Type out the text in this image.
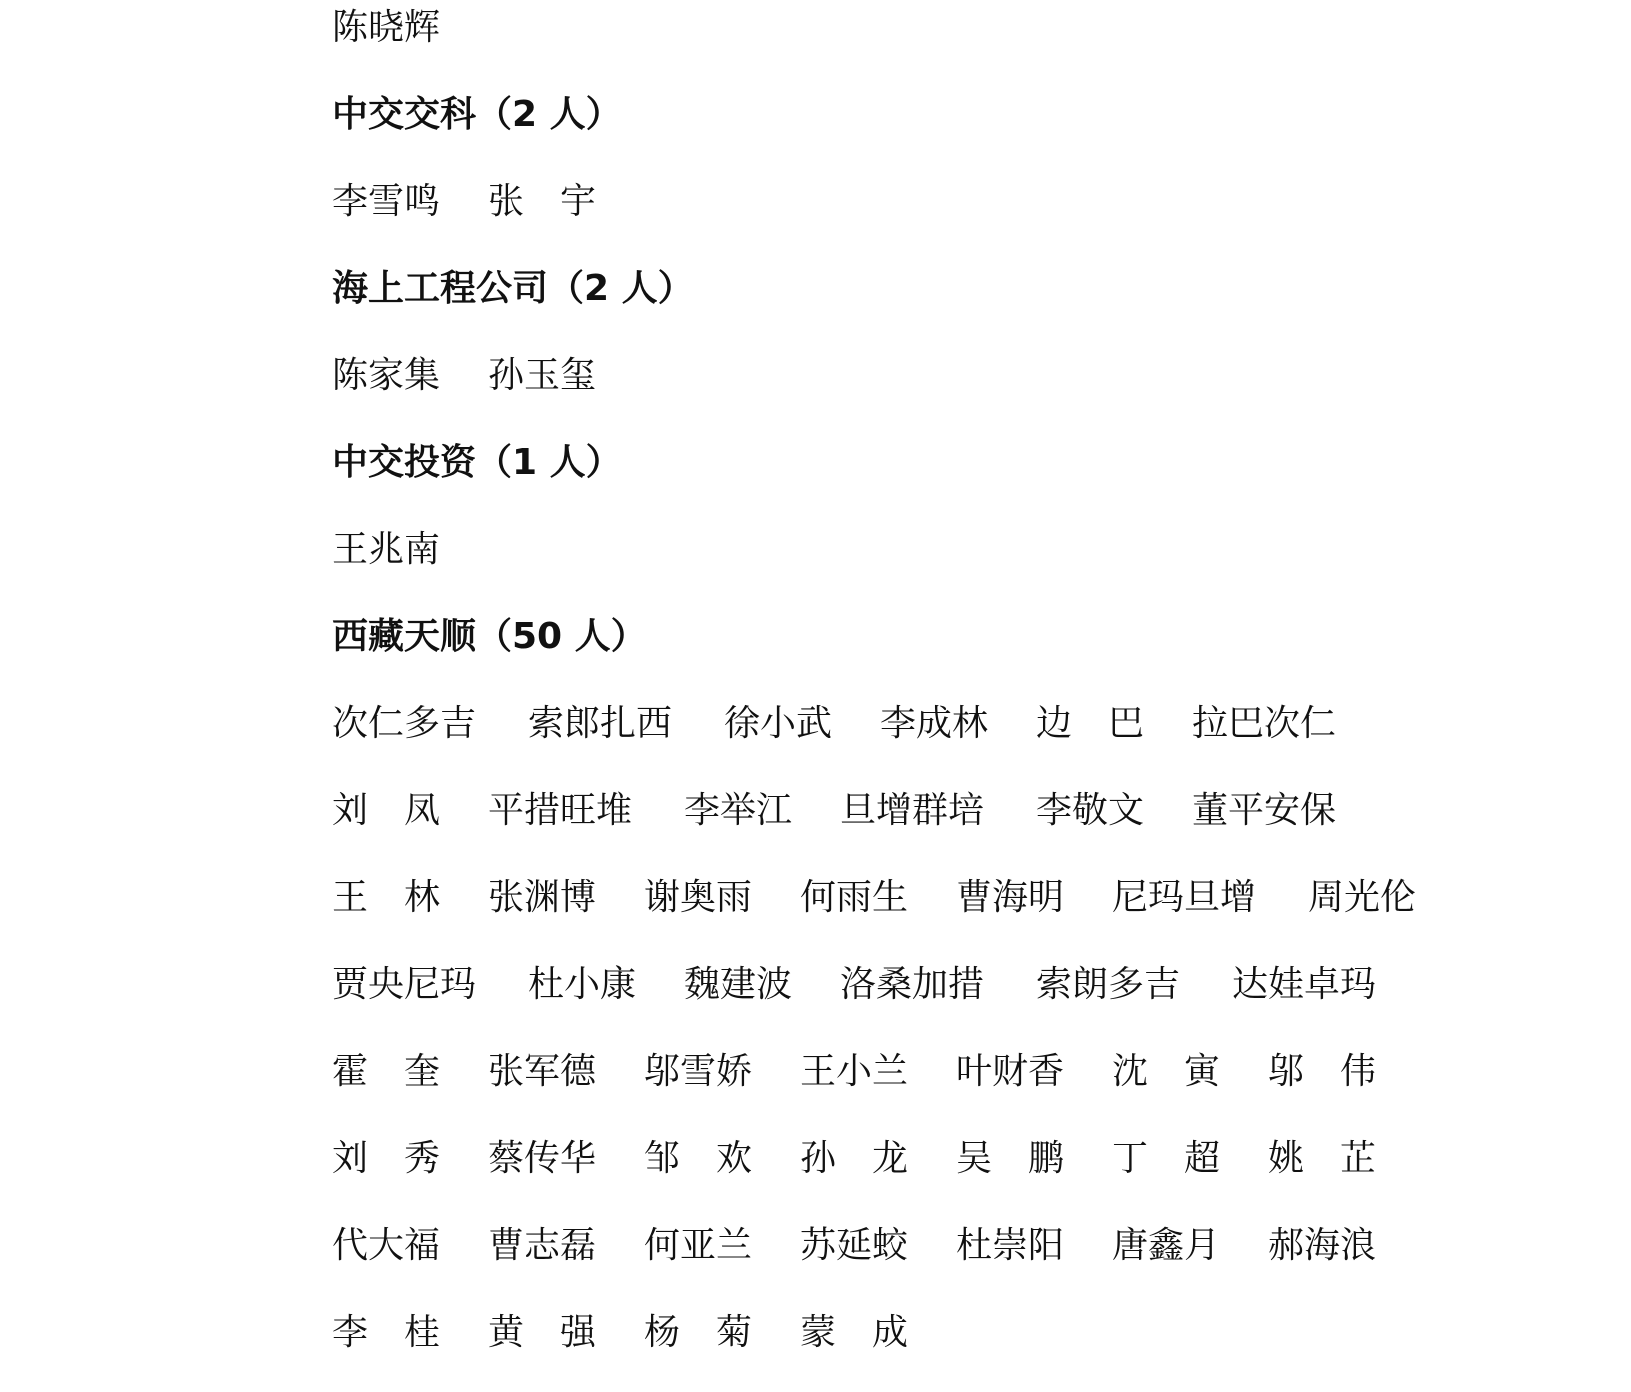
陈晓辉
中交交科（2 人）
李雪鸣	张　宇
海上工程公司（2 人）
陈家集	孙玉玺
中交投资（1 人）
王兆南
西藏天顺（50 人）
次仁多吉	索郎扎西	徐小武	李成林	边　巴	拉巴次仁
刘　凤	平措旺堆	李举江	旦增群培	李敬文	董平安保
王　林	张渊博	谢奥雨	何雨生	曹海明	尼玛旦增	周光伦
贾央尼玛	杜小康	魏建波	洛桑加措	索朗多吉	达娃卓玛
霍　奎	张军德	邬雪娇	王小兰	叶财香	沈　寅	邬　伟
刘　秀	蔡传华	邹　欢	孙　龙	吴　鹏	丁　超	姚　芷
代大福	曹志磊	何亚兰	苏延蛟	杜崇阳	唐鑫月	郝海浪
李　桂	黄　强	杨　菊	蒙　成
